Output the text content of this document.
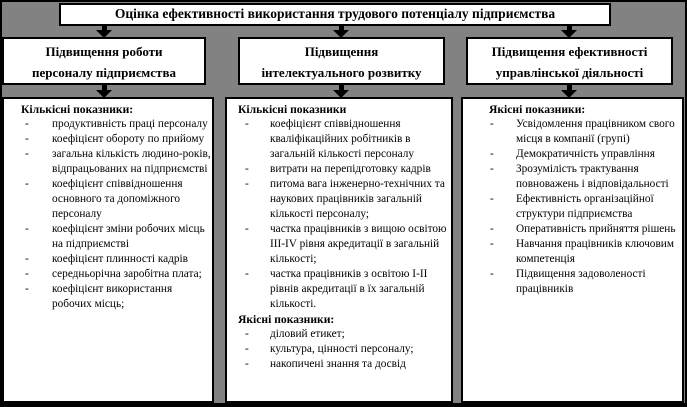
Оцінка ефективності використання трудового потенціалу підприємства
Підвищення роботи
персоналу підприємства
Підвищення
інтелектуального розвитку
Підвищення ефективності
управлінської діяльності
Кількісні показники:
-	продуктивність праці персоналу
-	коефіцієнт обороту по прийому
-	загальна кількість людино-років, відпрацьованих на підприємстві
-	коефіцієнт співвідношення основного та допоміжного персоналу
-	коефіцієнт зміни робочих місць на підприємстві
-	коефіцієнт плинності кадрів
-	середньорічна заробітна плата;
-	коефіцієнт використання робочих місць;
Кількісні показники
-	коефіцієнт співвідношення кваліфікаційних робітників в загальній кількості персоналу
-	витрати на перепідготовку кадрів
-	питома вага інженерно-технічних та наукових працівників загальній кількості персоналу;
-	частка працівників з вищою освітою III-IV рівня акредитації в загальній кількості;
-	частка працівників з освітою I-II рівнів акредитації в їх загальній кількості.
Якісні показники:
-	діловий етикет;
-	культура, цінності персоналу;
-	накопичені знання та досвід
Якісні показники:
-	Усвідомлення працівником свого місця в компанії (групі)
-	Демократичність управління
-	Зрозумілість трактування повноважень і відповідальності
-	Ефективність організаційної структури підприємства
-	Оперативність прийняття рішень
-	Навчання працівників ключовим компетенція
-	Підвищення задоволеності працівників
